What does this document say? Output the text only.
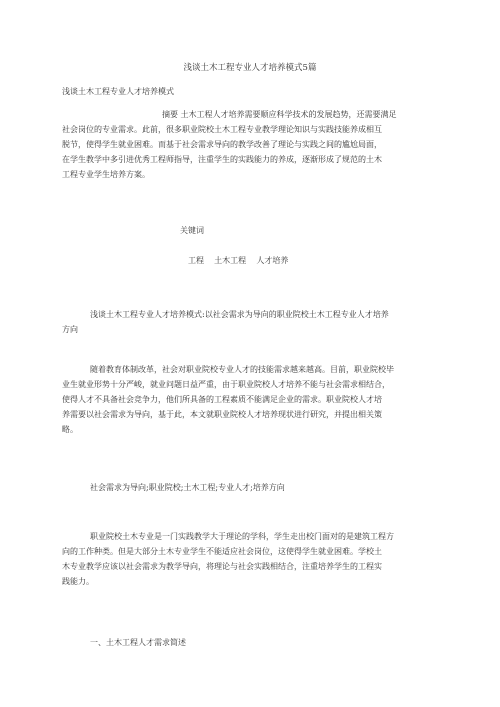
浅谈土木工程专业人才培养模式5篇
浅谈土木工程专业人才培养模式
摘要 土木工程人才培养需要顺应科学技术的发展趋势，还需要满足
社会岗位的专业需求。此前，很多职业院校土木工程专业教学理论知识与实践技能养成相互
脱节，使得学生就业困难。而基于社会需求导向的教学改善了理论与实践之间的尴尬局面，
在学生教学中多引进优秀工程师指导，注重学生的实践能力的养成，逐渐形成了规范的土木
工程专业学生培养方案。
关键词
工程    土木工程    人才培养
浅谈土木工程专业人才培养模式:以社会需求为导向的职业院校土木工程专业人才培养
方向
随着教育体制改革，社会对职业院校专业人才的技能需求越来越高。目前，职业院校毕
业生就业形势十分严峻，就业问题日益严重，由于职业院校人才培养不能与社会需求相结合，
使得人才不具备社会竞争力，他们所具备的工程素质不能满足企业的需求。职业院校人才培
养需要以社会需求为导向，基于此，本文就职业院校人才培养现状进行研究，并提出相关策
略。
社会需求为导向;职业院校;土木工程;专业人才;培养方向
职业院校土木专业是一门实践教学大于理论的学科，学生走出校门面对的是建筑工程方
向的工作种类。但是大部分土木专业学生不能适应社会岗位，这使得学生就业困难。学校土
木专业教学应该以社会需求为教学导向，将理论与社会实践相结合，注重培养学生的工程实
践能力。
一、土木工程人才需求简述
